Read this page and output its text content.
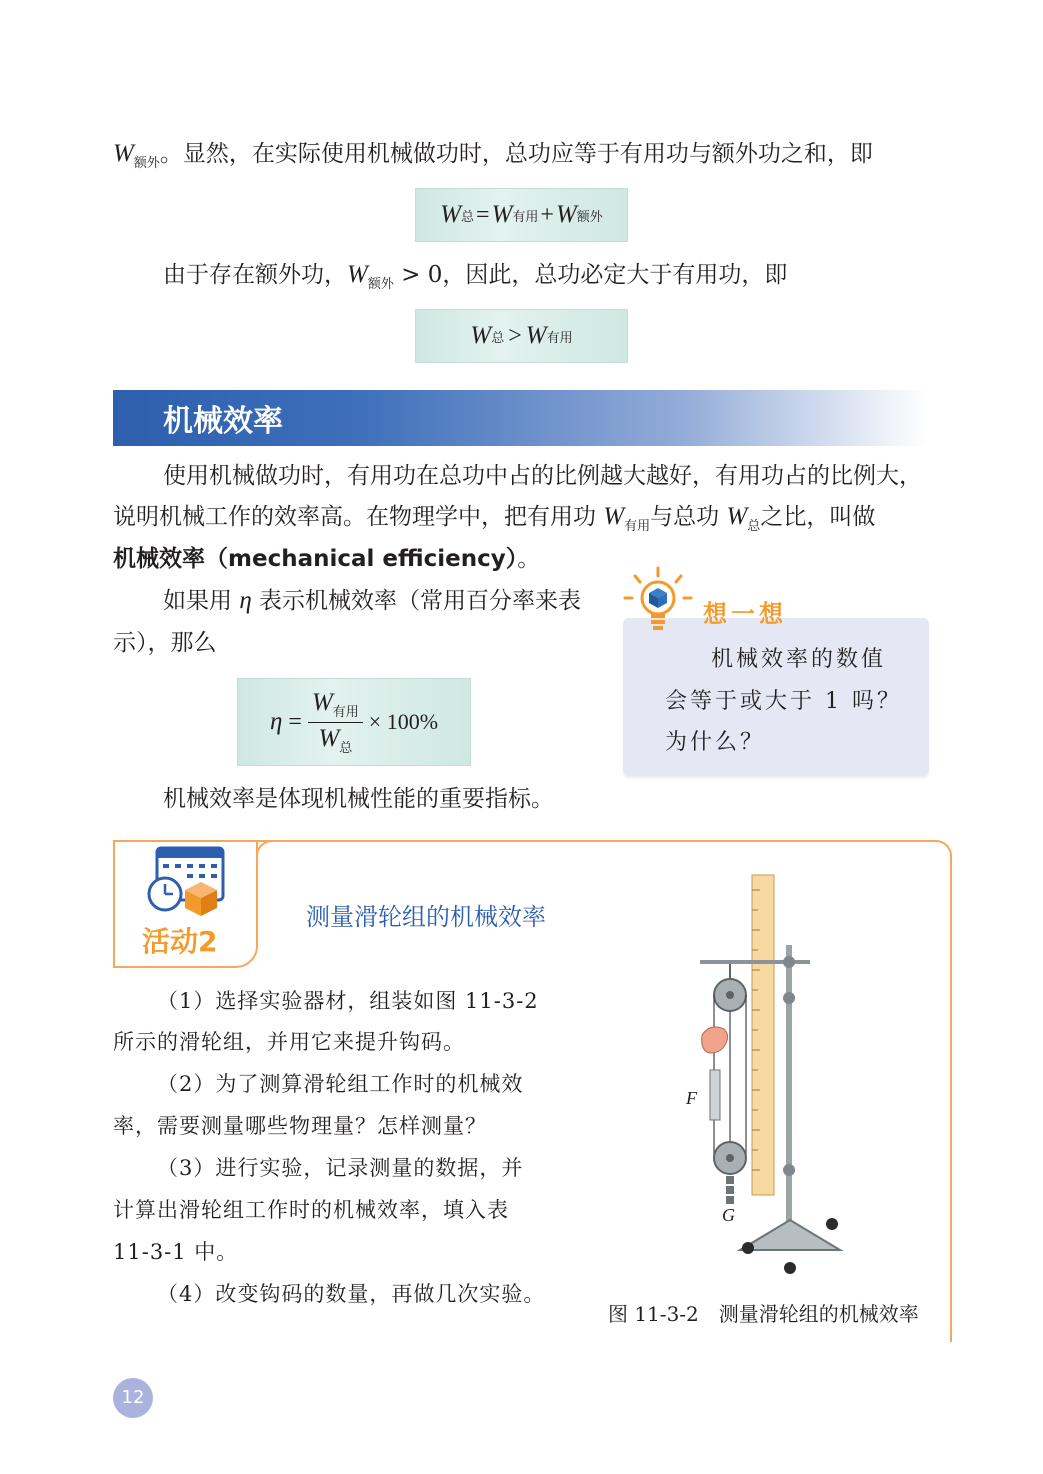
$W_{额外}$。显然，在实际使用机械做功时，总功应等于有用功与额外功之和，即
W 总 = W 有用 + W 额外
由于存在额外功，$W_{额外} > 0$，因此，总功必定大于有用功，即
W 总 > W 有用
机械效率
使用机械做功时，有用功在总功中占的比例越大越好，有用功占的比例大，
说明机械工作的效率高。在物理学中，把有用功 $W_{有用}$与总功 $W_总$之比，叫做
机械效率（mechanical efficiency）。
如果用 η 表示机械效率（常用百分率来表
示），那么
η =
$W_{有用}$
$W_总$
× 100%
机械效率是体现机械性能的重要指标。
想一想
机械效率的数值
会等于或大于 1 吗？
为什么？
活动2
测量滑轮组的机械效率
（1）选择实验器材，组装如图 11-3-2
所示的滑轮组，并用它来提升钩码。
（2）为了测算滑轮组工作时的机械效
率，需要测量哪些物理量？怎样测量？
（3）进行实验，记录测量的数据，并
计算出滑轮组工作时的机械效率，填入表
11-3-1 中。
（4）改变钩码的数量，再做几次实验。
F
G
图 11-3-2　测量滑轮组的机械效率
12
